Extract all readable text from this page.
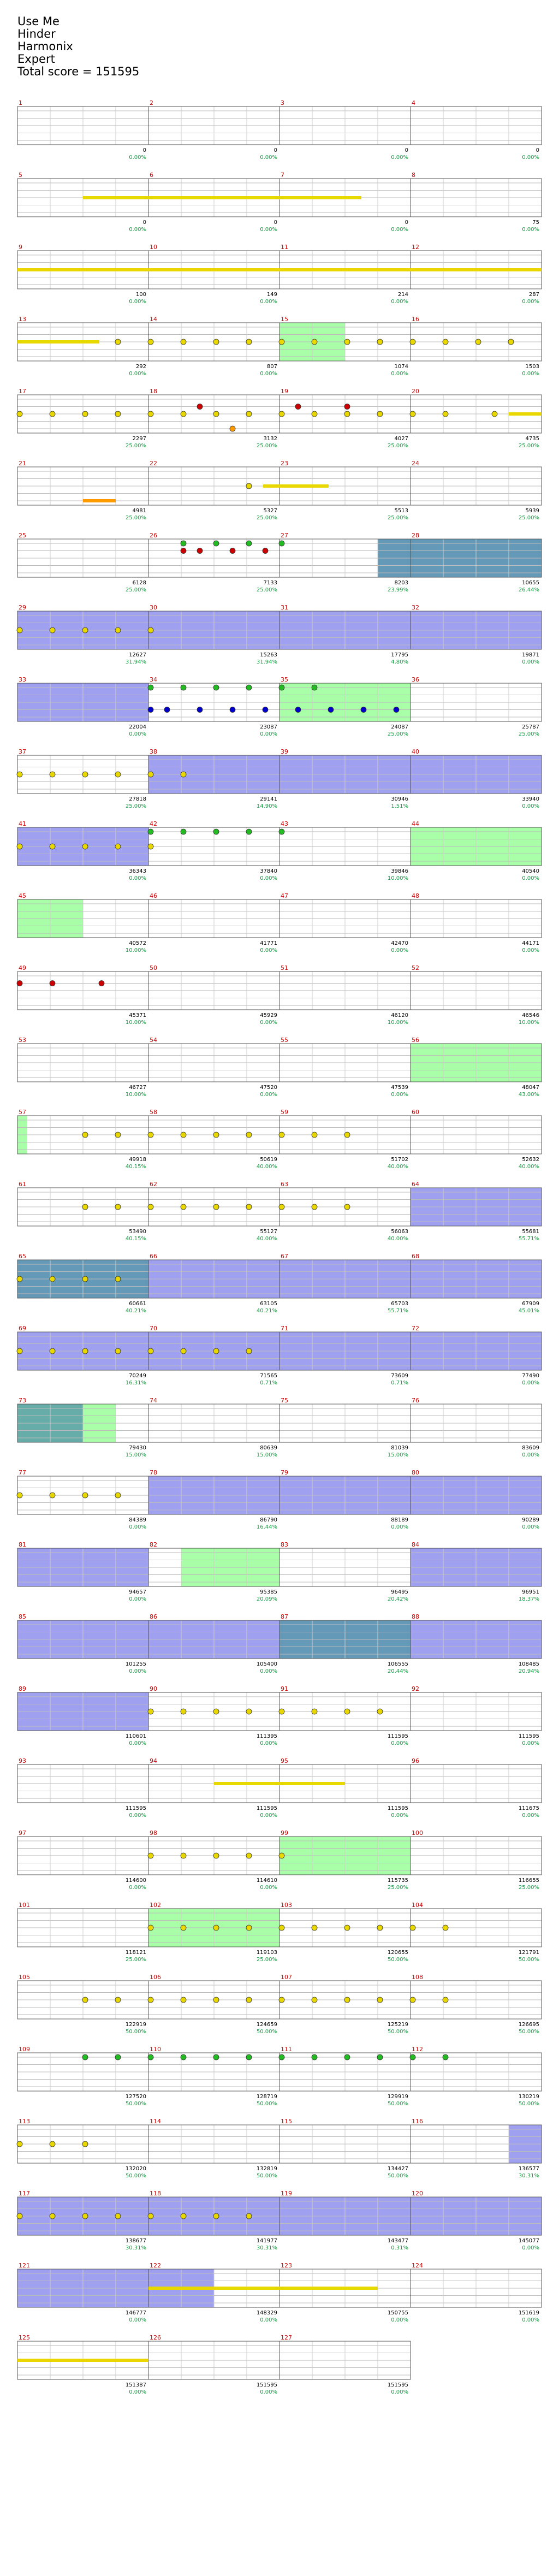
Use Me
Hinder
Harmonix
Expert
Total score = 151595
1
0
0.00%
2
0
0.00%
3
0
0.00%
4
0
0.00%
5
0
0.00%
6
0
0.00%
7
0
0.00%
8
75
0.00%
9
100
0.00%
10
149
0.00%
11
214
0.00%
12
287
0.00%
13
292
0.00%
14
807
0.00%
15
1074
0.00%
16
1503
0.00%
17
2297
25.00%
18
3132
25.00%
19
4027
25.00%
20
4735
25.00%
21
4981
25.00%
22
5327
25.00%
23
5513
25.00%
24
5939
25.00%
25
6128
25.00%
26
7133
25.00%
27
8203
23.99%
28
10655
26.44%
29
12627
31.94%
30
15263
31.94%
31
17795
4.80%
32
19871
0.00%
33
22004
0.00%
34
23087
0.00%
35
24087
25.00%
36
25787
25.00%
37
27818
25.00%
38
29141
14.90%
39
30946
1.51%
40
33940
0.00%
41
36343
0.00%
42
37840
0.00%
43
39846
10.00%
44
40540
0.00%
45
40572
10.00%
46
41771
0.00%
47
42470
0.00%
48
44171
0.00%
49
45371
10.00%
50
45929
0.00%
51
46120
10.00%
52
46546
10.00%
53
46727
10.00%
54
47520
0.00%
55
47539
0.00%
56
48047
43.00%
57
49918
40.15%
58
50619
40.00%
59
51702
40.00%
60
52632
40.00%
61
53490
40.15%
62
55127
40.00%
63
56063
40.00%
64
55681
55.71%
65
60661
40.21%
66
63105
40.21%
67
65703
55.71%
68
67909
45.01%
69
70249
16.31%
70
71565
0.71%
71
73609
0.71%
72
77490
0.00%
73
79430
15.00%
74
80639
15.00%
75
81039
15.00%
76
83609
0.00%
77
84389
0.00%
78
86790
16.44%
79
88189
0.00%
80
90289
0.00%
81
94657
0.00%
82
95385
20.09%
83
96495
20.42%
84
96951
18.37%
85
101255
0.00%
86
105400
0.00%
87
106555
20.44%
88
108485
20.94%
89
110601
0.00%
90
111395
0.00%
91
111595
0.00%
92
111595
0.00%
93
111595
0.00%
94
111595
0.00%
95
111595
0.00%
96
111675
0.00%
97
114600
0.00%
98
114610
0.00%
99
115735
25.00%
100
116655
25.00%
101
118121
25.00%
102
119103
25.00%
103
120655
50.00%
104
121791
50.00%
105
122919
50.00%
106
124659
50.00%
107
125219
50.00%
108
126695
50.00%
109
127520
50.00%
110
128719
50.00%
111
129919
50.00%
112
130219
50.00%
113
132020
50.00%
114
132819
50.00%
115
134427
50.00%
116
136577
30.31%
117
138677
30.31%
118
141977
30.31%
119
143477
0.31%
120
145077
0.00%
121
146777
0.00%
122
148329
0.00%
123
150755
0.00%
124
151619
0.00%
125
151387
0.00%
126
151595
0.00%
127
151595
0.00%
